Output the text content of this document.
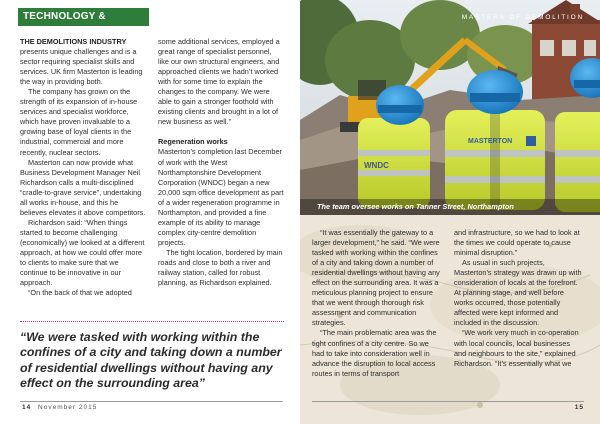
TECHNOLOGY & EQUIPMENT

THE DEMOLITIONS INDUSTRY

presents unique challenges and is a sector requiring specialist skills and services. UK firm Masterton is leading the way in providing both.

The company has grown on the strength of its expansion of in-house services and specialist workforce, which have proven invaluable to a growing base of loyal clients in the industrial, commercial and more recently, nuclear sectors.

Masterton can now provide what Business Development Manager Neil Richardson calls a multi-disciplined “cradle-to-grave service”, undertaking all works in-house, and this he believes elevates it above competitors.

Richardson said: “When things started to become challenging (economically) we looked at a different approach, at how we could offer more to clients to make sure that we continue to be innovative in our approach.

“On the back of that we adopted

some additional services, employed a great range of specialist personnel, like our own structural engineers, and approached clients we hadn’t worked with for some time to explain the changes to the company. We were able to gain a stronger foothold with existing clients and brought in a lot of new business as well.”

Regeneration works

Masterton’s completion last December of work with the West Northamptonshire Development Corporation (WNDC) began a new 20,000 sqm office development as part of a wider regeneration programme in Northampton, and provided a fine example of its ability to manage complex city-centre demolition projects.

The tight location, bordered by main roads and close to both a river and railway station, called for robust planning, as Richardson explained.

“We were tasked with working within the confines of a city and taking down a number of residential dwellings without having any effect on the surrounding area”
14 November 2015
WNDC
MASTERTON
MASTERS OF DEMOLITION
The team oversee works on Tanner Street, Northampton

“It was essentially the gateway to a larger development,” he said. “We were tasked with working within the confines of a city and taking down a number of residential dwellings without having any effect on the surrounding area. It was a meticulous planning project to ensure that we went through thorough risk assessment and communication strategies.

“The main problematic area was the tight confines of a city centre. So we had to take into consideration well in advance the disruption to local access routes in terms of transport

and infrastructure, so we had to look at the times we could operate to cause minimal disruption.”

As usual in such projects, Masterton’s strategy was drawn up with consideration of locals at the forefront. At planning stage, and well before works occurred, those potentially affected were kept informed and included in the discussion.

“We work very much in co-operation with local councils, local businesses and neighbours to the site,” explained Richardson. “It’s essentially what we

15
